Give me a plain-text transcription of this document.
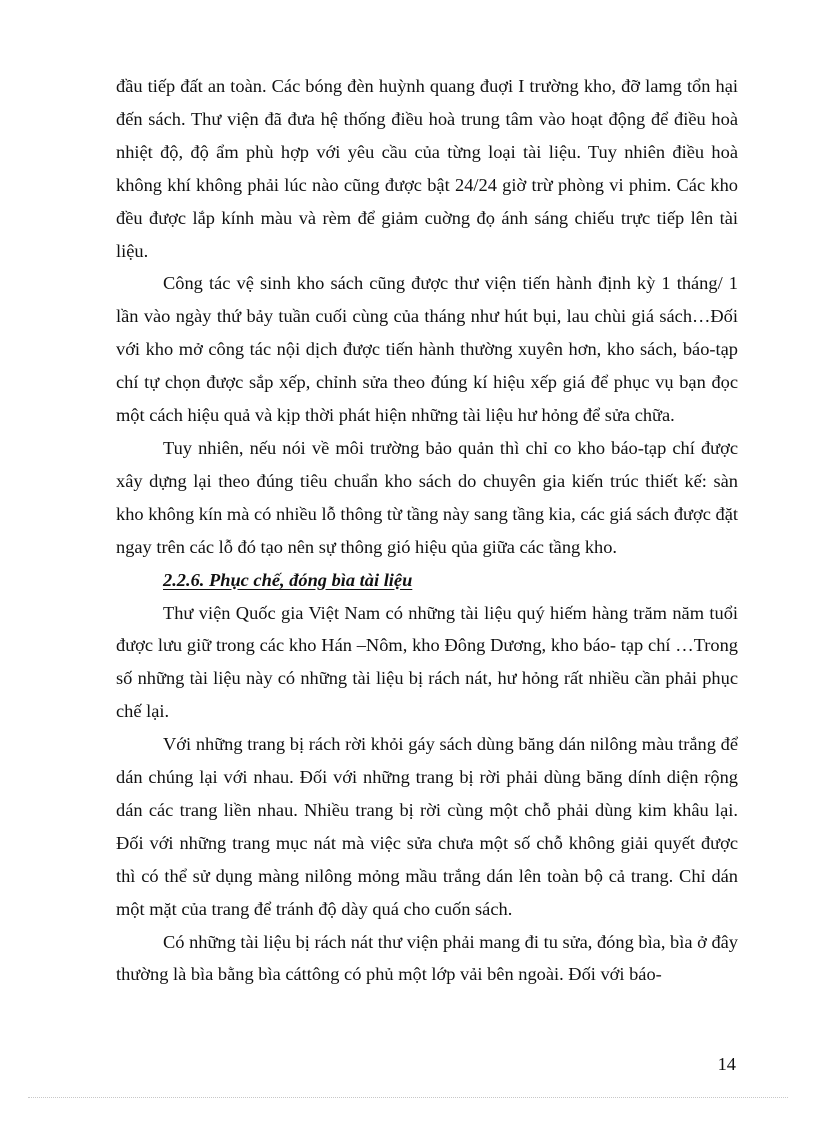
đầu tiếp đất an toàn. Các bóng đèn huỳnh quang đuợi I trường kho, đỡ lamg tổn hại đến sách. Thư viện đã đưa hệ thống điều hoà trung tâm vào hoạt động để điều hoà nhiệt độ, độ ẩm phù hợp với yêu cầu của từng loại tài liệu. Tuy nhiên điều hoà không khí không phải lúc nào cũng được bật 24/24 giờ trừ phòng vi phim. Các kho đều được lắp kính màu và rèm để giảm cuờng đọ ánh sáng chiếu trực tiếp lên tài liệu.

Công tác vệ sinh kho sách cũng được thư viện tiến hành định kỳ 1 tháng/ 1 lần vào ngày thứ bảy tuần cuối cùng của tháng như hút bụi, lau chùi giá sách…Đối với kho mở công tác nội dịch được tiến hành thường xuyên hơn, kho sách, báo-tạp chí tự chọn được sắp xếp, chỉnh sửa theo đúng kí hiệu xếp giá để phục vụ bạn đọc một cách hiệu quả và kịp thời phát hiện những tài liệu hư hỏng để sửa chữa.

Tuy nhiên, nếu nói về môi trường bảo quản thì chỉ co kho báo-tạp chí được xây dựng lại theo đúng tiêu chuẩn kho sách do chuyên gia kiến trúc thiết kế: sàn kho không kín mà có nhiều lỗ thông từ tầng này sang tầng kia, các giá sách được đặt ngay trên các lỗ đó tạo nên sự thông gió hiệu qủa giữa các tầng kho.

2.2.6. Phục chế, đóng bìa tài liệu

Thư viện Quốc gia Việt Nam có những tài liệu quý hiếm hàng trăm năm tuổi được lưu giữ trong các kho Hán –Nôm, kho Đông Dương, kho báo- tạp chí …Trong số những tài liệu này có những tài liệu bị rách nát, hư hỏng rất nhiều cần phải phục chế lại.

Với những trang bị rách rời khỏi gáy sách dùng băng dán nilông màu trắng để dán chúng lại với nhau. Đối với những trang bị rời phải dùng băng dính diện rộng dán các trang liền nhau. Nhiều trang bị rời cùng một chỗ phải dùng kim khâu lại. Đối với những trang mục nát mà việc sửa chưa một số chỗ không giải quyết được thì có thể sử dụng màng nilông mỏng mầu trắng dán lên toàn bộ cả trang. Chỉ dán một mặt của trang để tránh độ dày quá cho cuốn sách.

Có những tài liệu bị rách nát thư viện phải mang đi tu sửa, đóng bìa, bìa ở đây thường là bìa bằng bìa cáttông có phủ một lớp vải bên ngoài. Đối với báo-

14
